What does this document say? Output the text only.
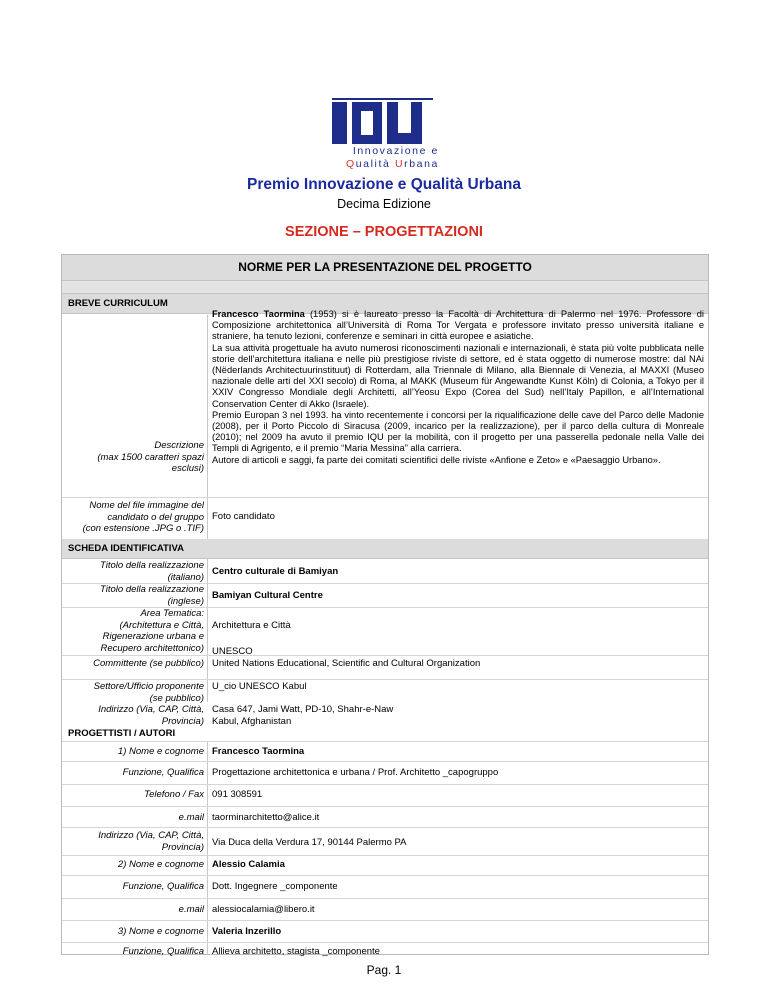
Innovazione e
Qualità Urbana
Premio Innovazione e Qualità Urbana
Decima Edizione
SEZIONE – PROGETTAZIONI
NORME PER LA PRESENTAZIONE DEL PROGETTO
BREVE CURRICULUM
Descrizione
(max 1500 caratteri spazi
esclusi)

Francesco Taormina (1953) si è laureato presso la Facoltà di Architettura di Palermo nel 1976. Professore di Composizione architettonica all’Università di Roma Tor Vergata e professore invitato presso università italiane e straniere, ha tenuto lezioni, conferenze e seminari in città europee e asiatiche.

La sua attività progettuale ha avuto numerosi riconoscimenti nazionali e internazionali, è stata più volte pubblicata nelle storie dell’architettura italiana e nelle più prestigiose riviste di settore, ed è stata oggetto di numerose mostre: dal NAi (Nëderlands Architectuurinstituut) di Rotterdam, alla Triennale di Milano, alla Biennale di Venezia, al MAXXI (Museo nazionale delle arti del XXI secolo) di Roma, al MAKK (Museum für Angewandte Kunst Köln) di Colonia, a Tokyo per il XXIV Congresso Mondiale degli Architetti, all’Yeosu Expo (Corea del Sud) nell’Italy Papillon, e all’International Conservation Center di Akko (Israele).

Premio Europan 3 nel 1993. ha vinto recentemente i concorsi per la riqualificazione delle cave del Parco delle Madonie (2008), per il Porto Piccolo di Siracusa (2009, incarico per la realizzazione), per il parco della cultura di Monreale (2010); nel 2009 ha avuto il premio IQU per la mobilità, con il progetto per una passerella pedonale nella Valle dei Templi di Agrigento, e il premio “Maria Messina” alla carriera.

Autore di articoli e saggi, fa parte dei comitati scientifici delle riviste «Anfione e Zeto» e «Paesaggio Urbano».

Nome del file immagine del
candidato o del gruppo
(con estensione .JPG o .TIF)
Foto candidato
SCHEDA IDENTIFICATIVA
Titolo della realizzazione
(italiano) Centro culturale di Bamiyan
Titolo della realizzazione
(inglese) Bamiyan Cultural Centre
Area Tematica:
(Architettura e Città,
Rigenerazione urbana e
Recupero architettonico)
Architettura e Città
Committente (se pubblico)
UNESCO
United Nations Educational, Scientific and Cultural Organization
Settore/Ufficio proponente
(se pubblico)
U_cio UNESCO Kabul
Indirizzo (Via, CAP, Città,
Provincia)
Casa 647, Jami Watt, PD-10, Shahr-e-Naw
Kabul, Afghanistan
PROGETTISTI / AUTORI
1) Nome e cognome Francesco Taormina
Funzione, Qualifica Progettazione architettonica e urbana / Prof. Architetto _capogruppo
Telefono / Fax 091 308591
e.mail taorminarchitetto@alice.it
Indirizzo (Via, CAP, Città,
Provincia) Via Duca della Verdura 17, 90144 Palermo PA
2) Nome e cognome Alessio Calamia
Funzione, Qualifica Dott. Ingegnere _componente
e.mail alessiocalamia@libero.it
3) Nome e cognome Valeria Inzerillo
Funzione, Qualifica Allieva architetto, stagista _componente
Pag. 1
